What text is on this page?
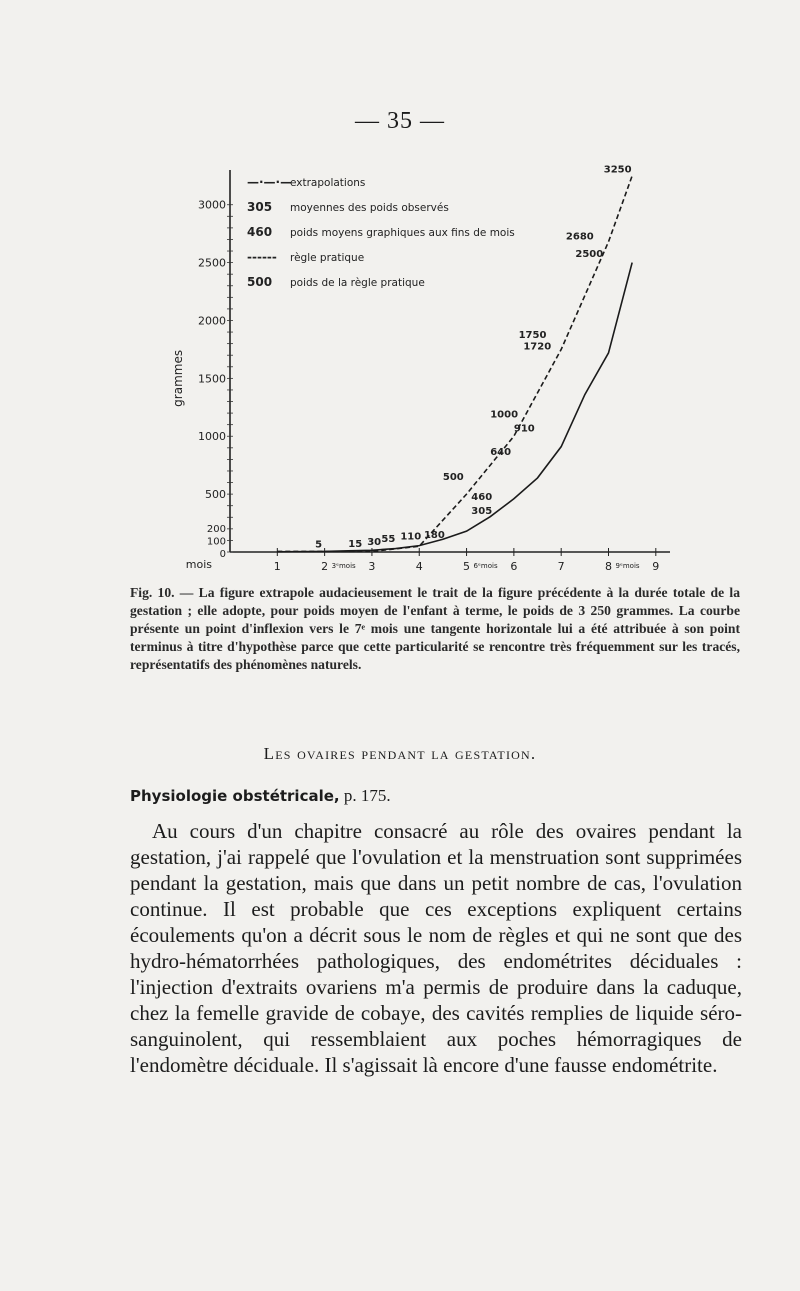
— 35 —
3000
2500
2000
1500
1000
500
200
100
0
grammes
mois	1	2 3ᵉmois 3	4	5 6ᵉmois 6	7	8 9ᵉmois 9
—·—·—
extrapolations
305 moyennes des poids observés
460 poids moyens graphiques aux fins de mois
------ règle pratique
500 poids de la règle pratique
5	15 30 55 110 180
305
460
500
640
910
1000
1720
1750
2500
2680
3250
Fig. 10. — La figure extrapole audacieusement le trait de la figure précédente à la durée totale de la gestation ; elle adopte, pour poids moyen de l'enfant à terme, le poids de 3 250 grammes. La courbe présente un point d'inflexion vers le 7ᵉ mois une tangente horizontale lui a été attribuée à son point terminus à titre d'hypothèse parce que cette particularité se rencontre très fréquemment sur les tracés, représentatifs des phénomènes naturels.
Les ovaires pendant la gestation.
Physiologie obstétricale, p. 175.
Au cours d'un chapitre consacré au rôle des ovaires pendant la gestation, j'ai rappelé que l'ovulation et la menstruation sont supprimées pendant la gestation, mais que dans un petit nombre de cas, l'ovulation continue. Il est probable que ces exceptions expliquent certains écoulements qu'on a décrit sous le nom de règles et qui ne sont que des hydro-hématorrhées pathologiques, des endométrites déciduales : l'injection d'extraits ovariens m'a permis de produire dans la caduque, chez la femelle gravide de cobaye, des cavités remplies de liquide séro-sanguinolent, qui ressemblaient aux poches hémorragiques de l'endomètre déciduale. Il s'agissait là encore d'une fausse endométrite.
